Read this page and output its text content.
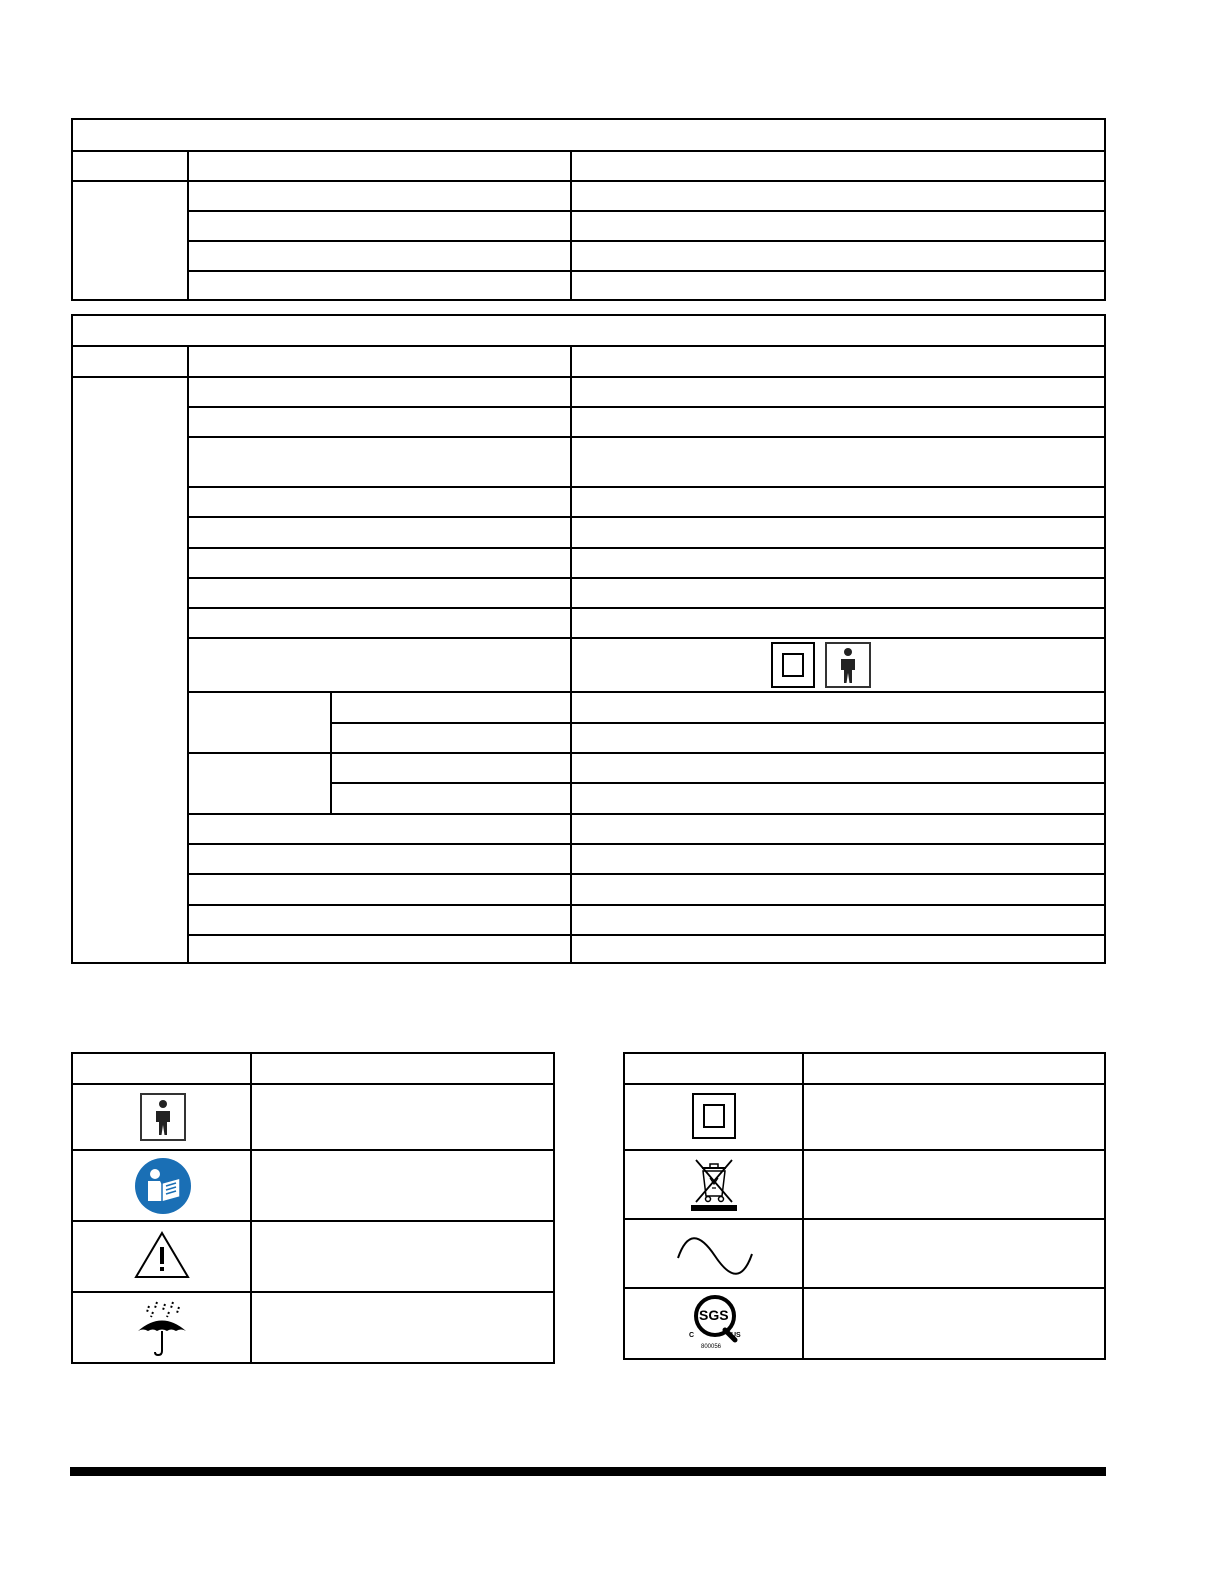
SGS
C	US
800056
